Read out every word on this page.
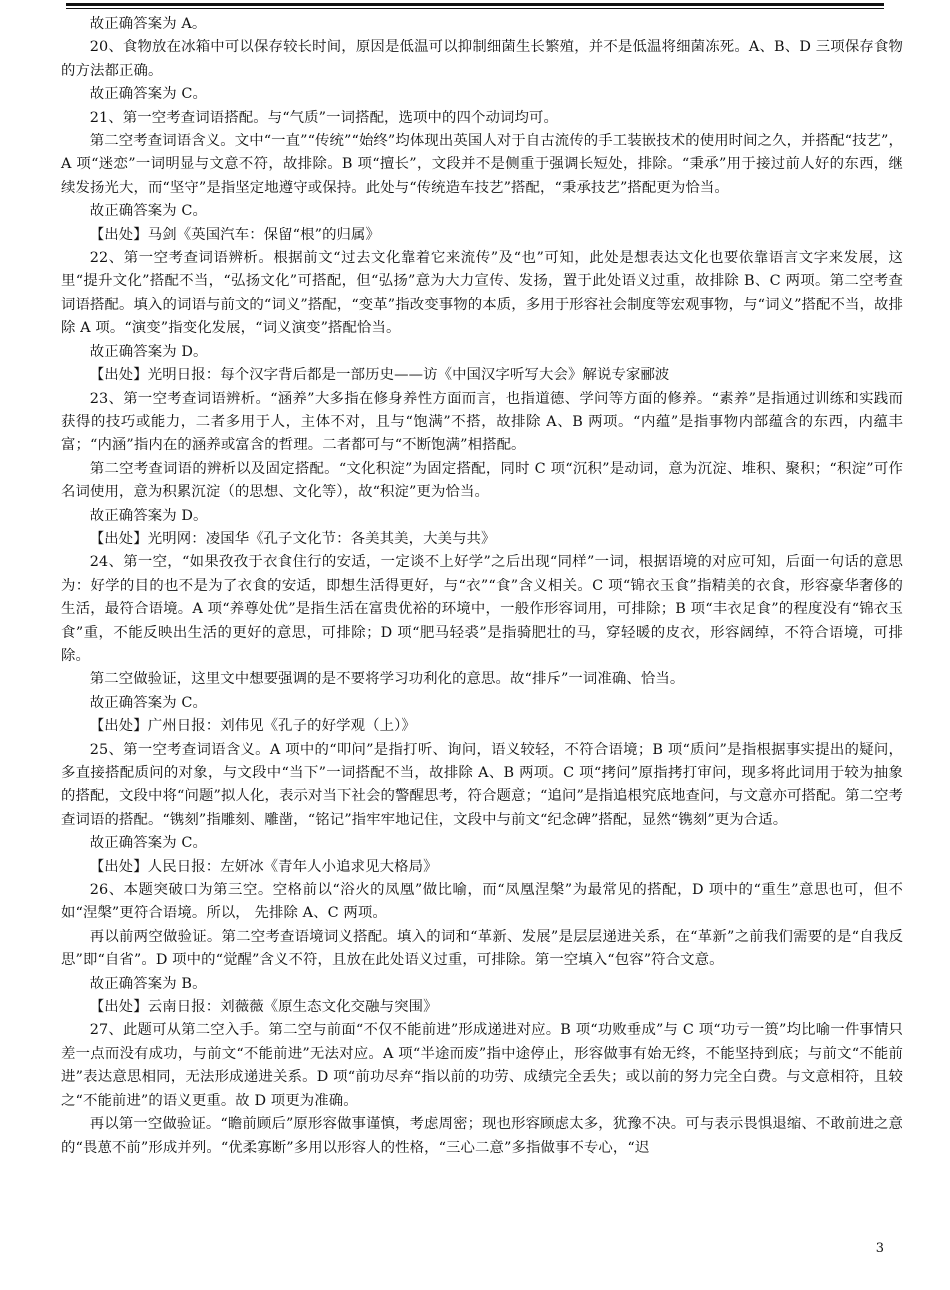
故正确答案为 A。

20、食物放在冰箱中可以保存较长时间，原因是低温可以抑制细菌生长繁殖，并不是低温将细菌冻死。A、B、D 三项保存食物的方法都正确。

故正确答案为 C。

21、第一空考查词语搭配。与“气质”一词搭配，选项中的四个动词均可。

第二空考查词语含义。文中“一直”“传统”“始终”均体现出英国人对于自古流传的手工装嵌技术的使用时间之久，并搭配“技艺”，A 项“迷恋”一词明显与文意不符，故排除。B 项“擅长”，文段并不是侧重于强调长短处，排除。“秉承”用于接过前人好的东西，继续发扬光大，而“坚守”是指坚定地遵守或保持。此处与“传统造车技艺”搭配，“秉承技艺”搭配更为恰当。

故正确答案为 C。

【出处】马剑《英国汽车：保留“根”的归属》

22、第一空考查词语辨析。根据前文“过去文化靠着它来流传”及“也”可知，此处是想表达文化也要依靠语言文字来发展，这里“提升文化”搭配不当，“弘扬文化”可搭配，但“弘扬”意为大力宣传、发扬，置于此处语义过重，故排除 B、C 两项。第二空考查词语搭配。填入的词语与前文的“词义”搭配，“变革”指改变事物的本质，多用于形容社会制度等宏观事物，与“词义”搭配不当，故排除 A 项。“演变”指变化发展，“词义演变”搭配恰当。

故正确答案为 D。

【出处】光明日报：每个汉字背后都是一部历史——访《中国汉字听写大会》解说专家郦波

23、第一空考查词语辨析。“涵养”大多指在修身养性方面而言，也指道德、学问等方面的修养。“素养”是指通过训练和实践而获得的技巧或能力，二者多用于人，主体不对，且与“饱满”不搭，故排除 A、B 两项。“内蕴”是指事物内部蕴含的东西，内蕴丰富；“内涵”指内在的涵养或富含的哲理。二者都可与“不断饱满”相搭配。

第二空考查词语的辨析以及固定搭配。“文化积淀”为固定搭配，同时 C 项“沉积”是动词，意为沉淀、堆积、聚积；“积淀”可作名词使用，意为积累沉淀（的思想、文化等），故“积淀”更为恰当。

故正确答案为 D。

【出处】光明网：凌国华《孔子文化节：各美其美，大美与共》

24、第一空，“如果孜孜于衣食住行的安适，一定谈不上好学”之后出现“同样”一词，根据语境的对应可知，后面一句话的意思为：好学的目的也不是为了衣食的安适，即想生活得更好，与“衣”“食”含义相关。C 项“锦衣玉食”指精美的衣食，形容豪华奢侈的生活，最符合语境。A 项“养尊处优”是指生活在富贵优裕的环境中，一般作形容词用，可排除；B 项“丰衣足食”的程度没有“锦衣玉食”重，不能反映出生活的更好的意思，可排除；D 项“肥马轻裘”是指骑肥壮的马，穿轻暖的皮衣，形容阔绰，不符合语境，可排除。

第二空做验证，这里文中想要强调的是不要将学习功利化的意思。故“排斥”一词准确、恰当。

故正确答案为 C。

【出处】广州日报：刘伟见《孔子的好学观（上）》

25、第一空考查词语含义。A 项中的“叩问”是指打听、询问，语义较轻，不符合语境；B 项“质问”是指根据事实提出的疑问，多直接搭配质问的对象，与文段中“当下”一词搭配不当，故排除 A、B 两项。C 项“拷问”原指拷打审问，现多将此词用于较为抽象的搭配，文段中将“问题”拟人化，表示对当下社会的警醒思考，符合题意；“追问”是指追根究底地查问，与文意亦可搭配。第二空考查词语的搭配。“镌刻”指雕刻、雕凿，“铭记”指牢牢地记住，文段中与前文“纪念碑”搭配，显然“镌刻”更为合适。

故正确答案为 C。

【出处】人民日报：左妍冰《青年人小追求见大格局》

26、本题突破口为第三空。空格前以“浴火的凤凰”做比喻，而“凤凰涅槃”为最常见的搭配，D 项中的“重生”意思也可，但不如“涅槃”更符合语境。所以， 先排除 A、C 两项。

再以前两空做验证。第二空考查语境词义搭配。填入的词和“革新、发展”是层层递进关系，在“革新”之前我们需要的是“自我反思”即“自省”。D 项中的“觉醒”含义不符，且放在此处语义过重，可排除。第一空填入“包容”符合文意。

故正确答案为 B。

【出处】云南日报：刘薇薇《原生态文化交融与突围》

27、此题可从第二空入手。第二空与前面“不仅不能前进”形成递进对应。B 项“功败垂成”与 C 项“功亏一篑”均比喻一件事情只差一点而没有成功，与前文“不能前进”无法对应。A 项“半途而废”指中途停止，形容做事有始无终，不能坚持到底；与前文“不能前进”表达意思相同，无法形成递进关系。D 项“前功尽弃“指以前的功劳、成绩完全丢失；或以前的努力完全白费。与文意相符，且较之“不能前进”的语义更重。故 D 项更为准确。

再以第一空做验证。“瞻前顾后”原形容做事谨慎，考虑周密；现也形容顾虑太多，犹豫不决。可与表示畏惧退缩、不敢前进之意的“畏葸不前”形成并列。“优柔寡断”多用以形容人的性格，“三心二意”多指做事不专心，“迟

3
